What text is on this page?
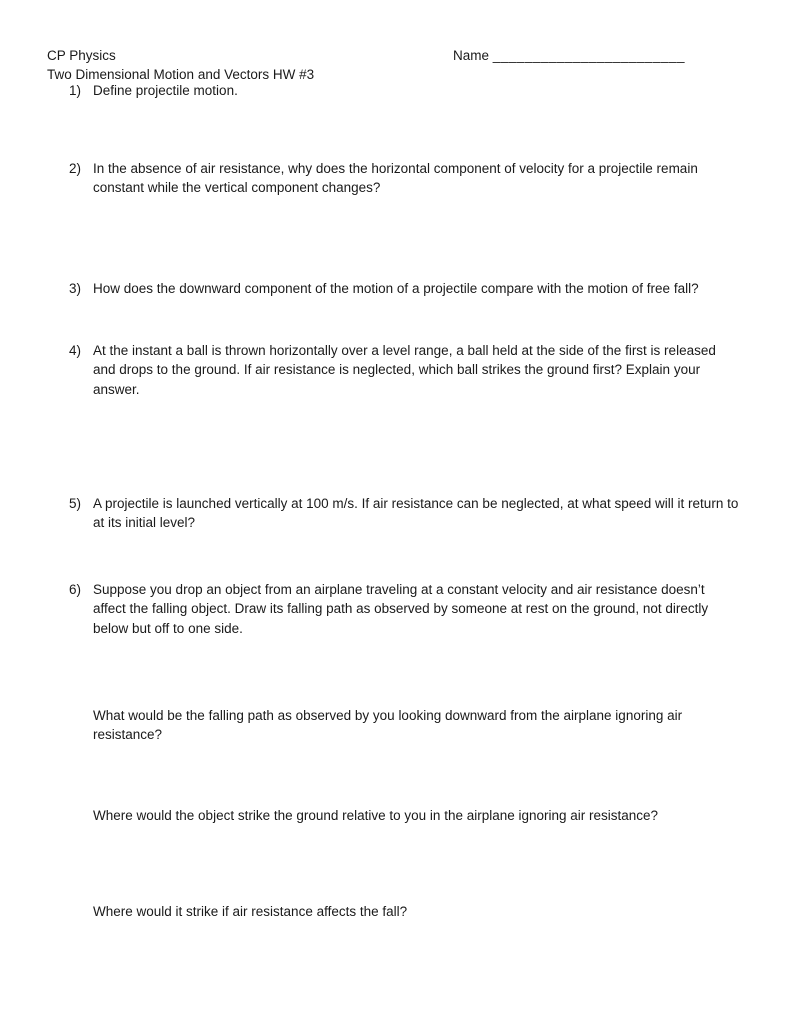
CP Physics
Two Dimensional Motion and Vectors HW #3
Name ________________________
1) Define projectile motion.
2) In the absence of air resistance, why does the horizontal component of velocity for a projectile remain constant while the vertical component changes?
3) How does the downward component of the motion of a projectile compare with the motion of free fall?
4) At the instant a ball is thrown horizontally over a level range, a ball held at the side of the first is released and drops to the ground. If air resistance is neglected, which ball strikes the ground first? Explain your answer.
5) A projectile is launched vertically at 100 m/s. If air resistance can be neglected, at what speed will it return to at its initial level?
6) Suppose you drop an object from an airplane traveling at a constant velocity and air resistance doesn’t affect the falling object. Draw its falling path as observed by someone at rest on the ground, not directly below but off to one side.
What would be the falling path as observed by you looking downward from the airplane ignoring air resistance?
Where would the object strike the ground relative to you in the airplane ignoring air resistance?
Where would it strike if air resistance affects the fall?
